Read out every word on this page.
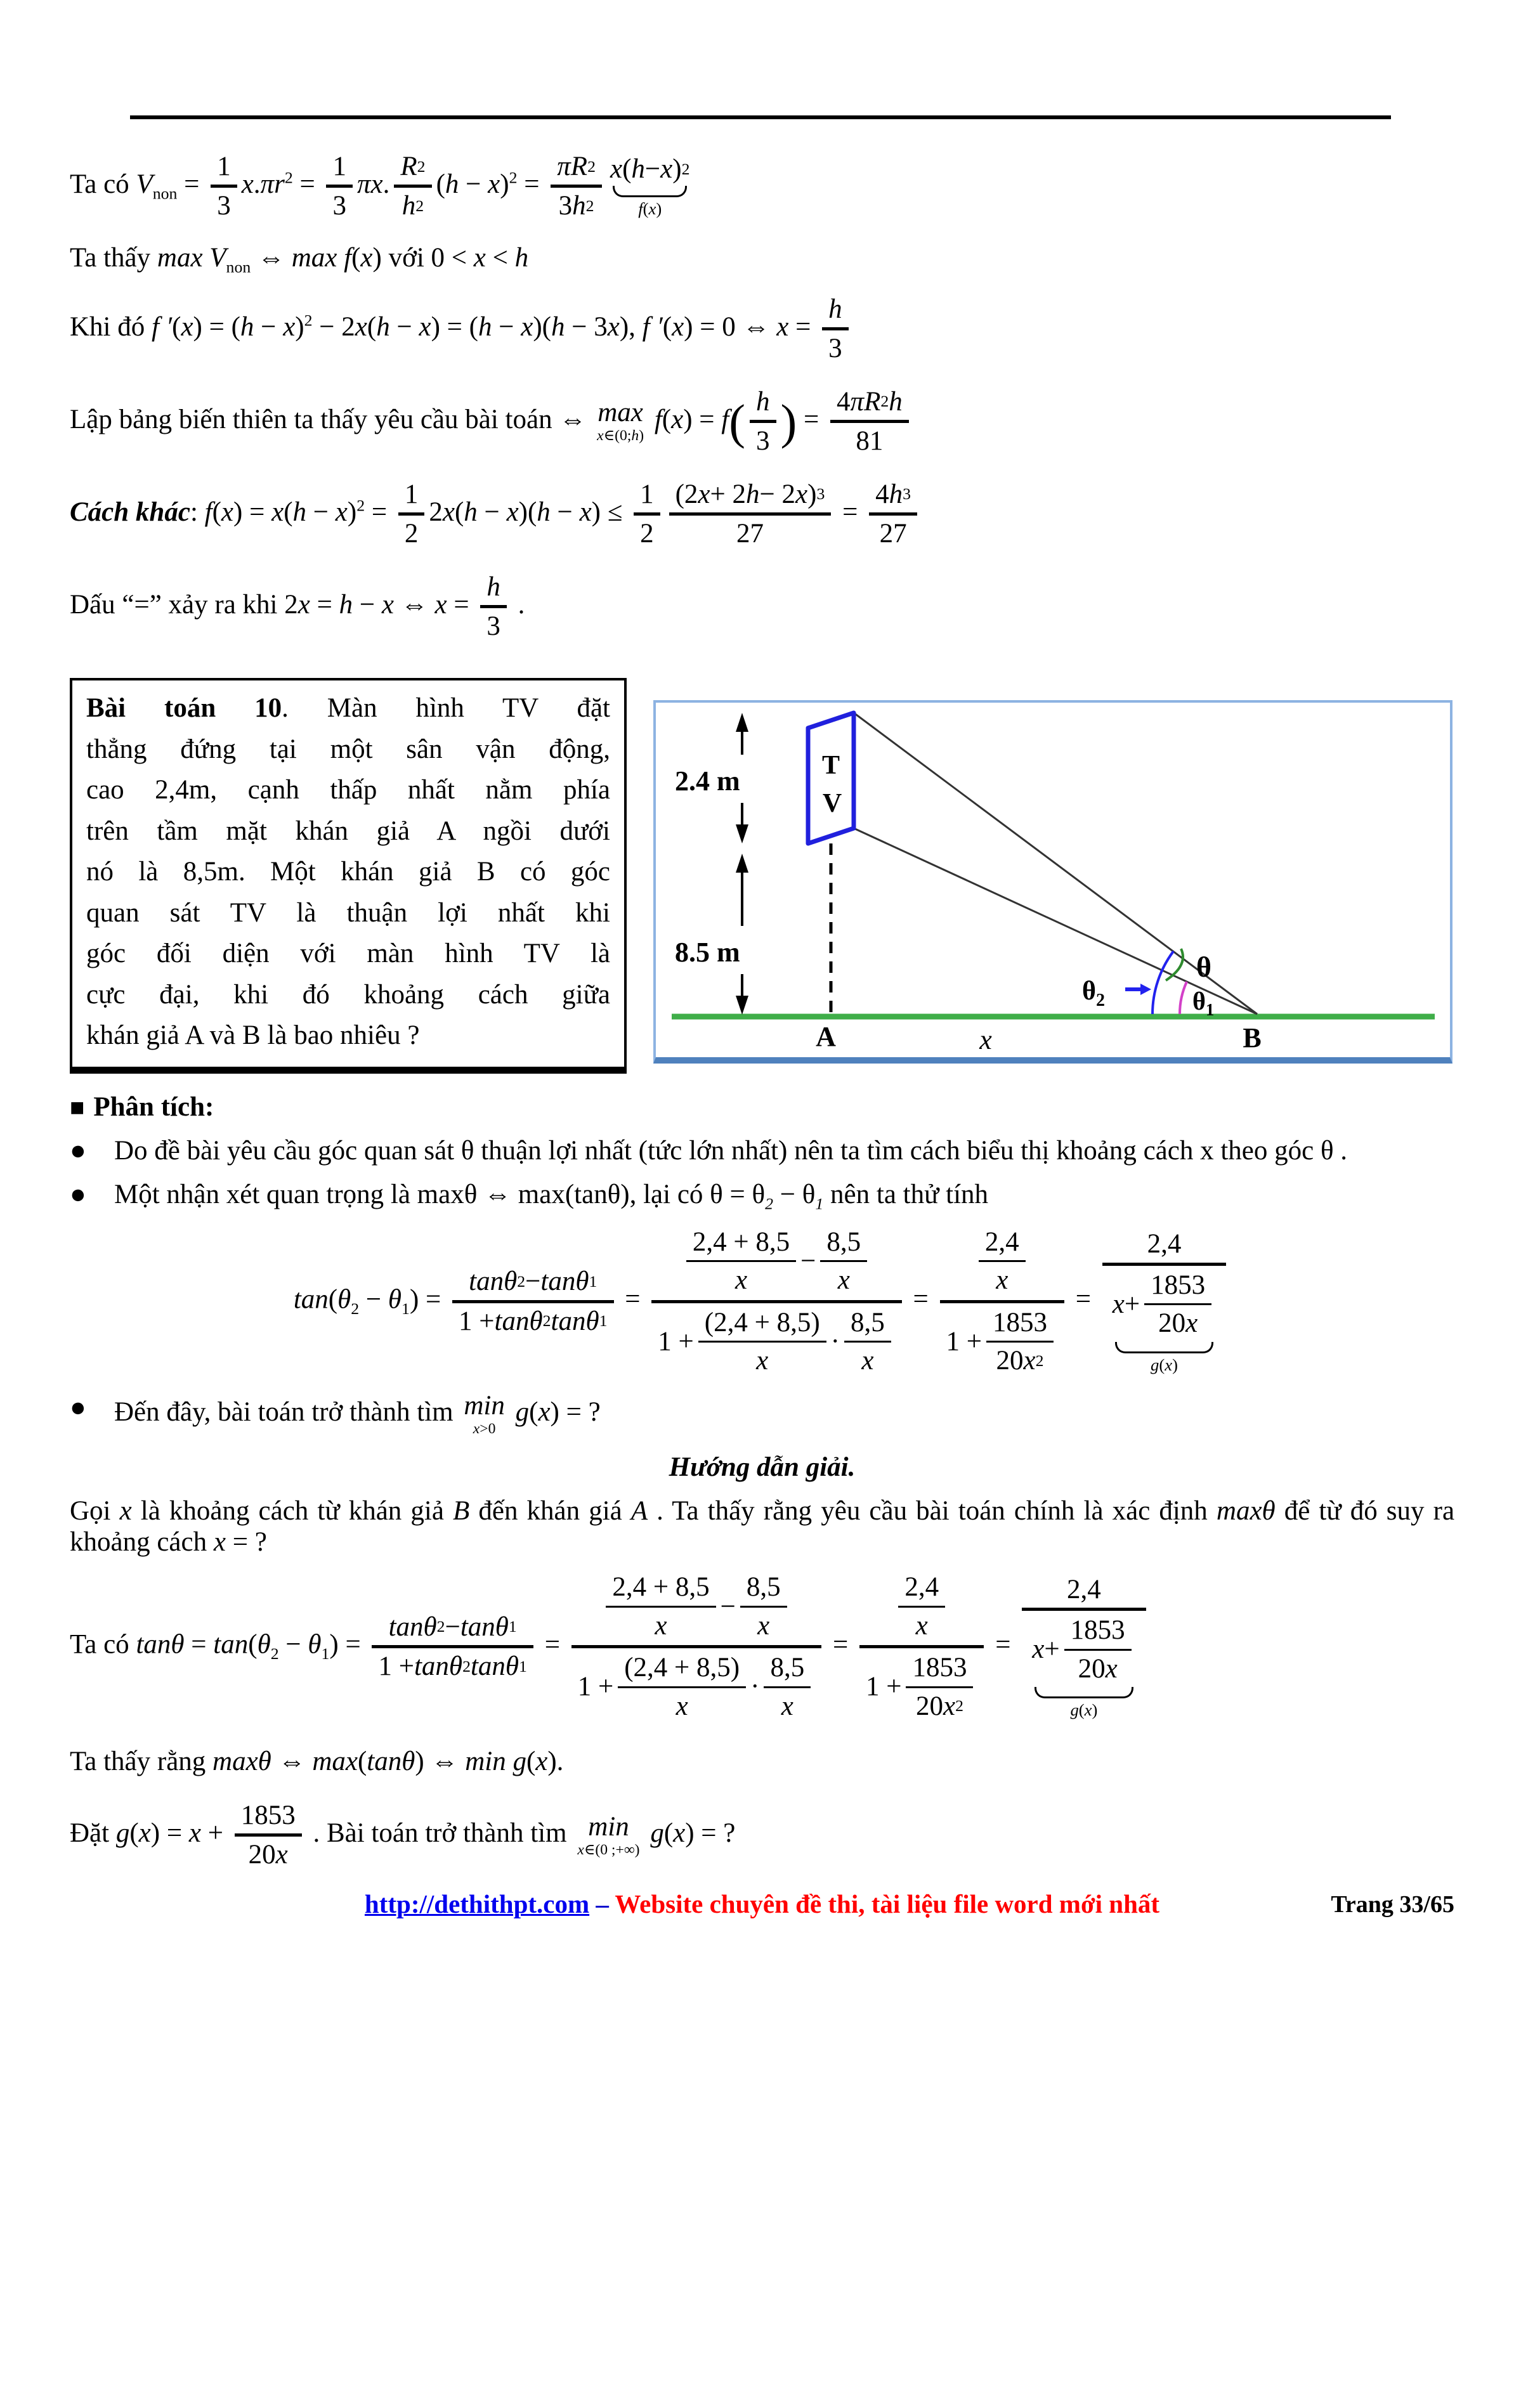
Ta có $V_{non} = \frac{1}{3} x.\pi r^2 = \frac{1}{3} \pi x$. $\frac{R 2}{h 2} (h - x)^2 = \frac{\pi R 2}{3 h 2}$ x ( h − x ) 2
f(x)
Ta thấy $\max V_{non}$ ⇔ max f(x) với 0 < x < h
Khi đó f $'(x) = (h - x)^2 - 2x(h - x) = (h - x)(h - 3x)$, f ′(x) = 0 ⇔ $x = \frac{h}{3}$
Lập bảng biến thiên ta thấy yêu cầu bài toán ⇔ max
x ∈(0; h )
$f(x) = f( \frac{h}{3}$ ) = $\frac{4 \pi R 2 h}{81}$
Cách khác: $f(x) = x(h - x)^2 = \frac{1}{2} 2x(h - x)(h - x) \le \frac{1}{2} \frac{(2 x + 2 h - 2 x ) 3}{27} = \frac{4 h 3}{27}$
Dấu “=” xảy ra khi 2x = h − x ⇔ $x = \frac{h}{3}$ .
Bài toán 10. Màn hình TV đặt
thẳng đứng tại một sân vận động,
cao 2,4m, cạnh thấp nhất nằm phía
trên tầm mặt khán giả A ngồi dưới
nó là 8,5m. Một khán giả B có góc
quan sát TV là thuận lợi nhất khi
góc đối diện với màn hình TV là
cực đại, khi đó khoảng cách giữa
khán giả A và B là bao nhiêu ?
T
V
2.4 m
8.5 m	θ
$\theta_2$	$\theta_1$
A	x	B
■ Phân tích:
●	Do đề bài yêu cầu góc quan sát θ thuận lợi nhất (tức lớn nhất) nên ta tìm cách biểu thị khoảng cách x theo góc θ .
●	Một nhận xét quan trọng là maxθ ⇔ max(tanθ), lại có $\theta = \theta_2 - \theta_1$ nên ta thử tính
$\tan(\theta_2 - \theta_1) = \frac{\tan\theta 2 - \tan\theta 1}{1 + \tan\theta 2 \tan\theta 1} = \frac{\frac{2,4 + 8,5}{x} - \frac{8,5}{x}}{1 + \frac{(2,4 + 8,5)}{x} \cdot \frac{8,5}{x}} = \frac{\frac{2,4}{x}}{1 + \frac{1853}{20 x 2}} = 2,4$
$x + \frac{1853}{20 x}$
g(x)
●	Đến đây, bài toán trở thành tìm min
x >0
g(x) = ?
Hướng dẫn giải.
Gọi x là khoảng cách từ khán giả B đến khán giá A . Ta thấy rằng yêu cầu bài toán chính là xác định maxθ để từ đó suy ra khoảng cách x = ?
Ta có $\tan\theta = \tan(\theta_2 - \theta_1) = \frac{\tan\theta 2 - \tan\theta 1}{1 + \tan\theta 2 \tan\theta 1} = \frac{\frac{2,4 + 8,5}{x} - \frac{8,5}{x}}{1 + \frac{(2,4 + 8,5)}{x} \cdot \frac{8,5}{x}} = \frac{\frac{2,4}{x}}{1 + \frac{1853}{20 x 2}} = 2,4$
$x + \frac{1853}{20 x}$
g(x)
Ta thấy rằng maxθ ⇔ max(tanθ) ⇔ min g(x).
Đặt $g(x) = x + \frac{1853}{20 x}$ . Bài toán trở thành tìm min
x ∈(0 ;+∞)
g(x) = ?
http://dethithpt.com – Website chuyên đề thi, tài liệu file word mới nhất	Trang 33/65
